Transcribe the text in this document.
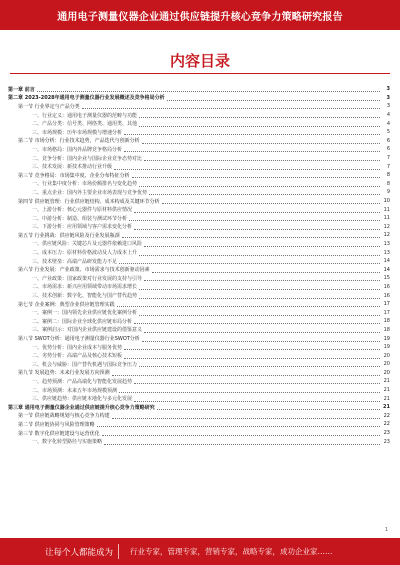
通用电子测量仪器企业通过供应链提升核心竞争力策略研究报告
内容目录
第一章 前言	3
第二章 2023-2028年通用电子测量仪器行业发展概述及竞争格局分析	3
第一节 行业界定与产品分类	3
一、行业定义：通用电子测量仪器的范畴与功能	4
二、产品分类：信号类、网络类、通用类、其他	4
三、市场规模：历年市场规模与增速分析	5
第二节 市场分析：行业技术趋势，产品迭代与创新分析	6
一、市场格局：国内外品牌竞争格局分析	6
二、竞争分析：国内企业与国际企业竞争态势对比	7
三、技术发展：新技术推动行业升级	7
第三节 竞争格局：市场集中度、企业分布特征分析	8
一、行业集中度分析：市场份额排名与变化趋势	8
二、重点企业：国内外主要企业市场表现与竞争优势	9
第四节 供应链管理：行业供应链结构、成本构成及关键环节分析	10
一、上游分析：核心元器件与原材料供应情况	11
二、中游分析：制造、组装与测试环节分析	11
三、下游分析：应用领域与客户需求变化分析	12
第五节 行业挑战：供应链风险及行业发展瓶颈	12
一、供应链风险：关键芯片及元器件依赖进口风险	13
二、成本压力：原材料价格波动及人力成本上升	13
三、技术壁垒：高端产品研发能力不足	14
第六节 行业发展：产业政策、市场需求与技术创新驱动因素	14
一、产业政策：国家政策对行业发展的支持与引导	15
二、市场需求：新兴应用领域带动市场需求增长	16
三、技术创新：数字化、智能化与国产替代趋势	16
第七节 企业案例：典型企业供应链管理实践	17
一、案例一：国内领先企业供应链优化案例分析	17
二、案例二：国际企业全球化供应链布局分析	18
三、案例启示：对国内企业供应链建设的借鉴意义	18
第八节 SWOT分析：通用电子测量仪器行业SWOT分析	19
一、优势分析：国内企业成本与服务优势	19
二、劣势分析：高端产品及核心技术短板	20
三、机会与威胁：国产替代机遇与国际竞争压力	20
第九节 发展趋势：未来行业发展方向预测	20
一、趋势预测：产品高端化与智能化发展趋势	21
二、市场预测：未来五年市场规模预测	21
三、供应链趋势：供应链本地化与多元化发展	21
第三章 通用电子测量仪器企业通过供应链提升核心竞争力策略研究	21
第一节 供应链战略规划与核心竞争力构建	22
第二节 供应链协同与风险管理策略	22
第三节 数字化供应链建设与运营优化	23
一、数字化转型路径与实施策略	23
1
让每个人都能成为 行业专家，管理专家，营销专家，战略专家，成功企业家……
